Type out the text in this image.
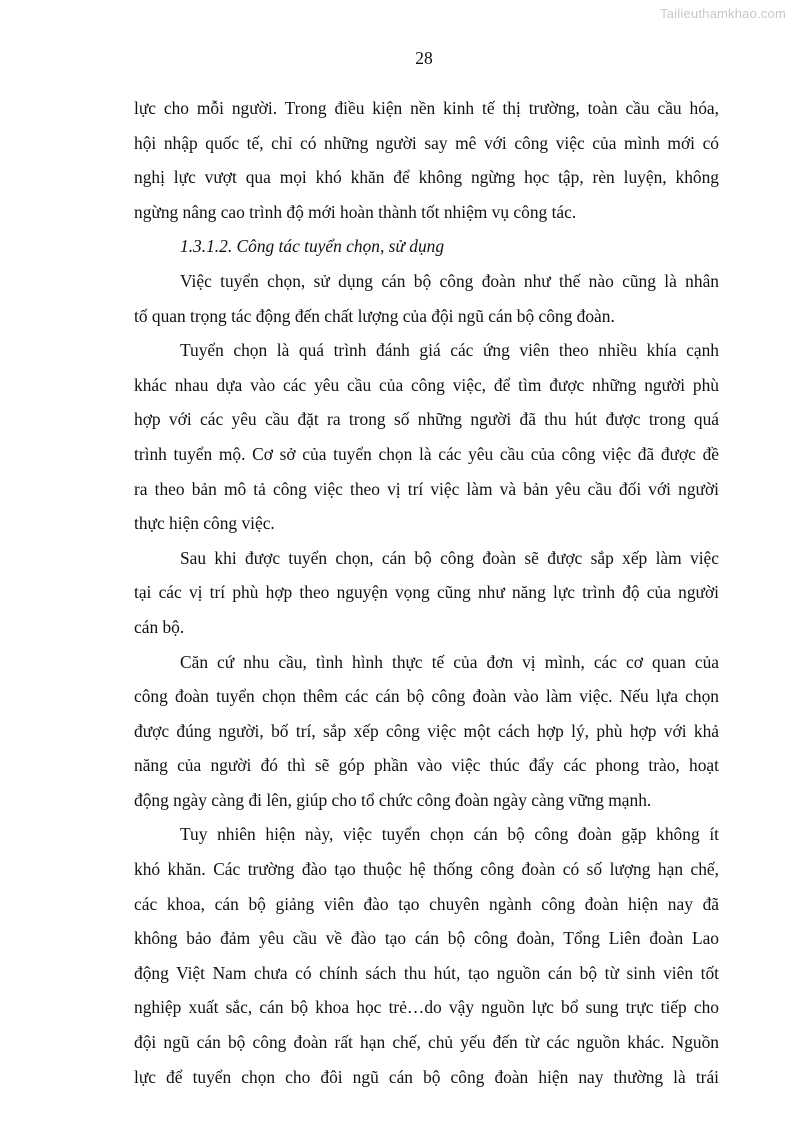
Tailieuthamkhao.com
28
lực cho mỗi người. Trong điều kiện nền kinh tế thị trường, toàn cầu cầu hóa,
hội nhập quốc tế, chỉ có những người say mê với công việc của mình mới có
nghị lực vượt qua mọi khó khăn để không ngừng học tập, rèn luyện, không
ngừng nâng cao trình độ mới hoàn thành tốt nhiệm vụ công tác.
1.3.1.2. Công tác tuyển chọn, sử dụng
Việc tuyển chọn, sử dụng cán bộ công đoàn như thế nào cũng là nhân
tố quan trọng tác động đến chất lượng của đội ngũ cán bộ công đoàn.
Tuyển chọn là quá trình đánh giá các ứng viên theo nhiều khía cạnh
khác nhau dựa vào các yêu cầu của công việc, để tìm được những người phù
hợp với các yêu cầu đặt ra trong số những người đã thu hút được trong quá
trình tuyển mộ. Cơ sở của tuyển chọn là các yêu cầu của công việc đã được đề
ra theo bản mô tả công việc theo vị trí việc làm và bản yêu cầu đối với người
thực hiện công việc.
Sau khi được tuyển chọn, cán bộ công đoàn sẽ được sắp xếp làm việc
tại các vị trí phù hợp theo nguyện vọng cũng như năng lực trình độ của người
cán bộ.
Căn cứ nhu cầu, tình hình thực tế của đơn vị mình, các cơ quan của
công đoàn tuyển chọn thêm các cán bộ công đoàn vào làm việc. Nếu lựa chọn
được đúng người, bố trí, sắp xếp công việc một cách hợp lý, phù hợp với khả
năng của người đó thì sẽ góp phần vào việc thúc đẩy các phong trào, hoạt
động ngày càng đi lên, giúp cho tổ chức công đoàn ngày càng vững mạnh.
Tuy nhiên hiện này, việc tuyển chọn cán bộ công đoàn gặp không ít
khó khăn. Các trường đào tạo thuộc hệ thống công đoàn có số lượng hạn chế,
các khoa, cán bộ giảng viên đào tạo chuyên ngành công đoàn hiện nay đã
không bảo đảm yêu cầu về đào tạo cán bộ công đoàn, Tổng Liên đoàn Lao
động Việt Nam chưa có chính sách thu hút, tạo nguồn cán bộ từ sinh viên tốt
nghiệp xuất sắc, cán bộ khoa học trẻ…do vậy nguồn lực bổ sung trực tiếp cho
đội ngũ cán bộ công đoàn rất hạn chế, chủ yếu đến từ các nguồn khác. Nguồn
lực để tuyển chọn cho đôi ngũ cán bộ công đoàn hiện nay thường là trái
